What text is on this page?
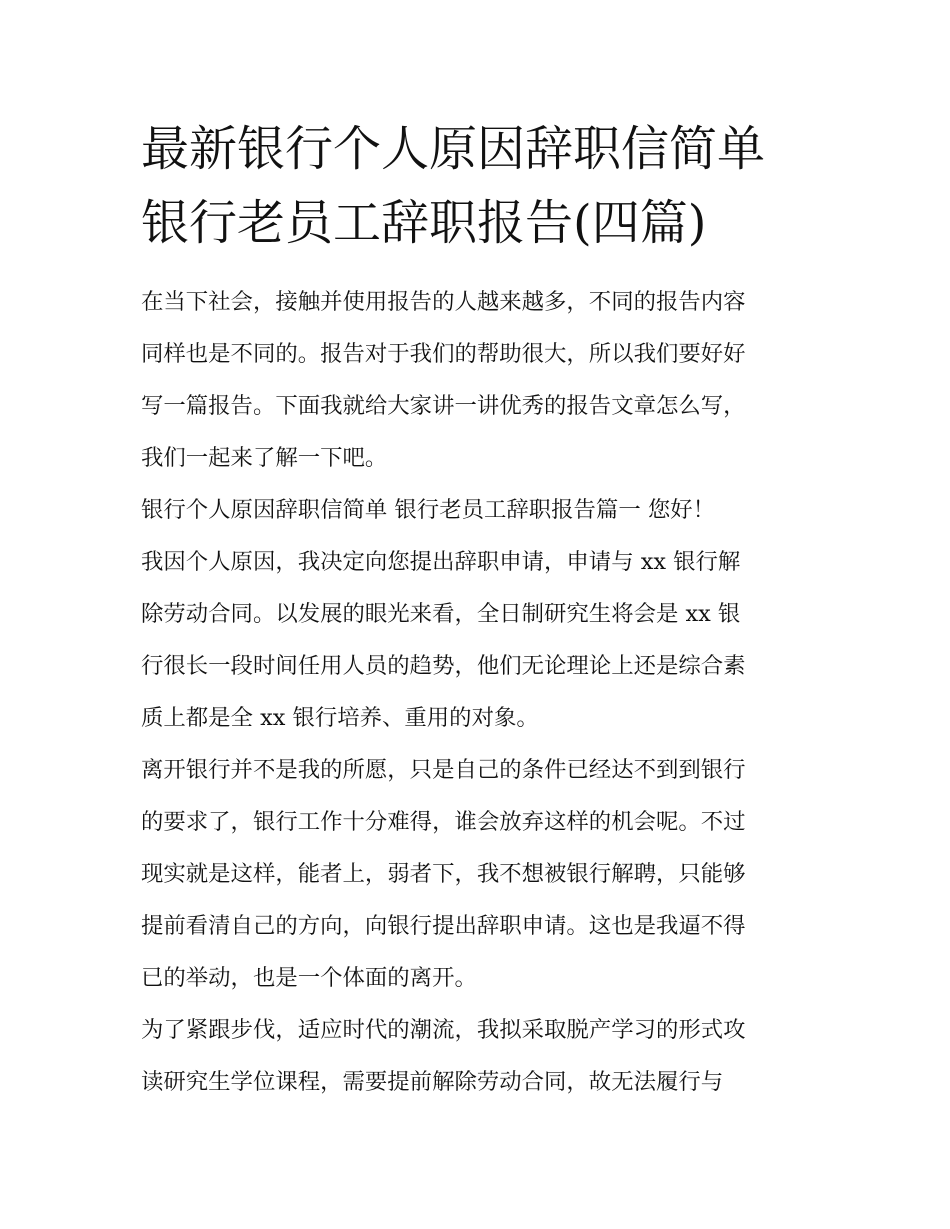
最新银行个人原因辞职信简单
银行老员工辞职报告(四篇)

在当下社会，接触并使用报告的人越来越多，不同的报告内容
同样也是不同的。报告对于我们的帮助很大，所以我们要好好
写一篇报告。下面我就给大家讲一讲优秀的报告文章怎么写，
我们一起来了解一下吧。

银行个人原因辞职信简单 银行老员工辞职报告篇一 您好！

我因个人原因，我决定向您提出辞职申请，申请与 xx 银行解
除劳动合同。以发展的眼光来看，全日制研究生将会是 xx 银
行很长一段时间任用人员的趋势，他们无论理论上还是综合素
质上都是全 xx 银行培养、重用的对象。

离开银行并不是我的所愿，只是自己的条件已经达不到到银行
的要求了，银行工作十分难得，谁会放弃这样的机会呢。不过
现实就是这样，能者上，弱者下，我不想被银行解聘，只能够
提前看清自己的方向，向银行提出辞职申请。这也是我逼不得
已的举动，也是一个体面的离开。

为了紧跟步伐，适应时代的潮流，我拟采取脱产学习的形式攻
读研究生学位课程，需要提前解除劳动合同，故无法履行与
